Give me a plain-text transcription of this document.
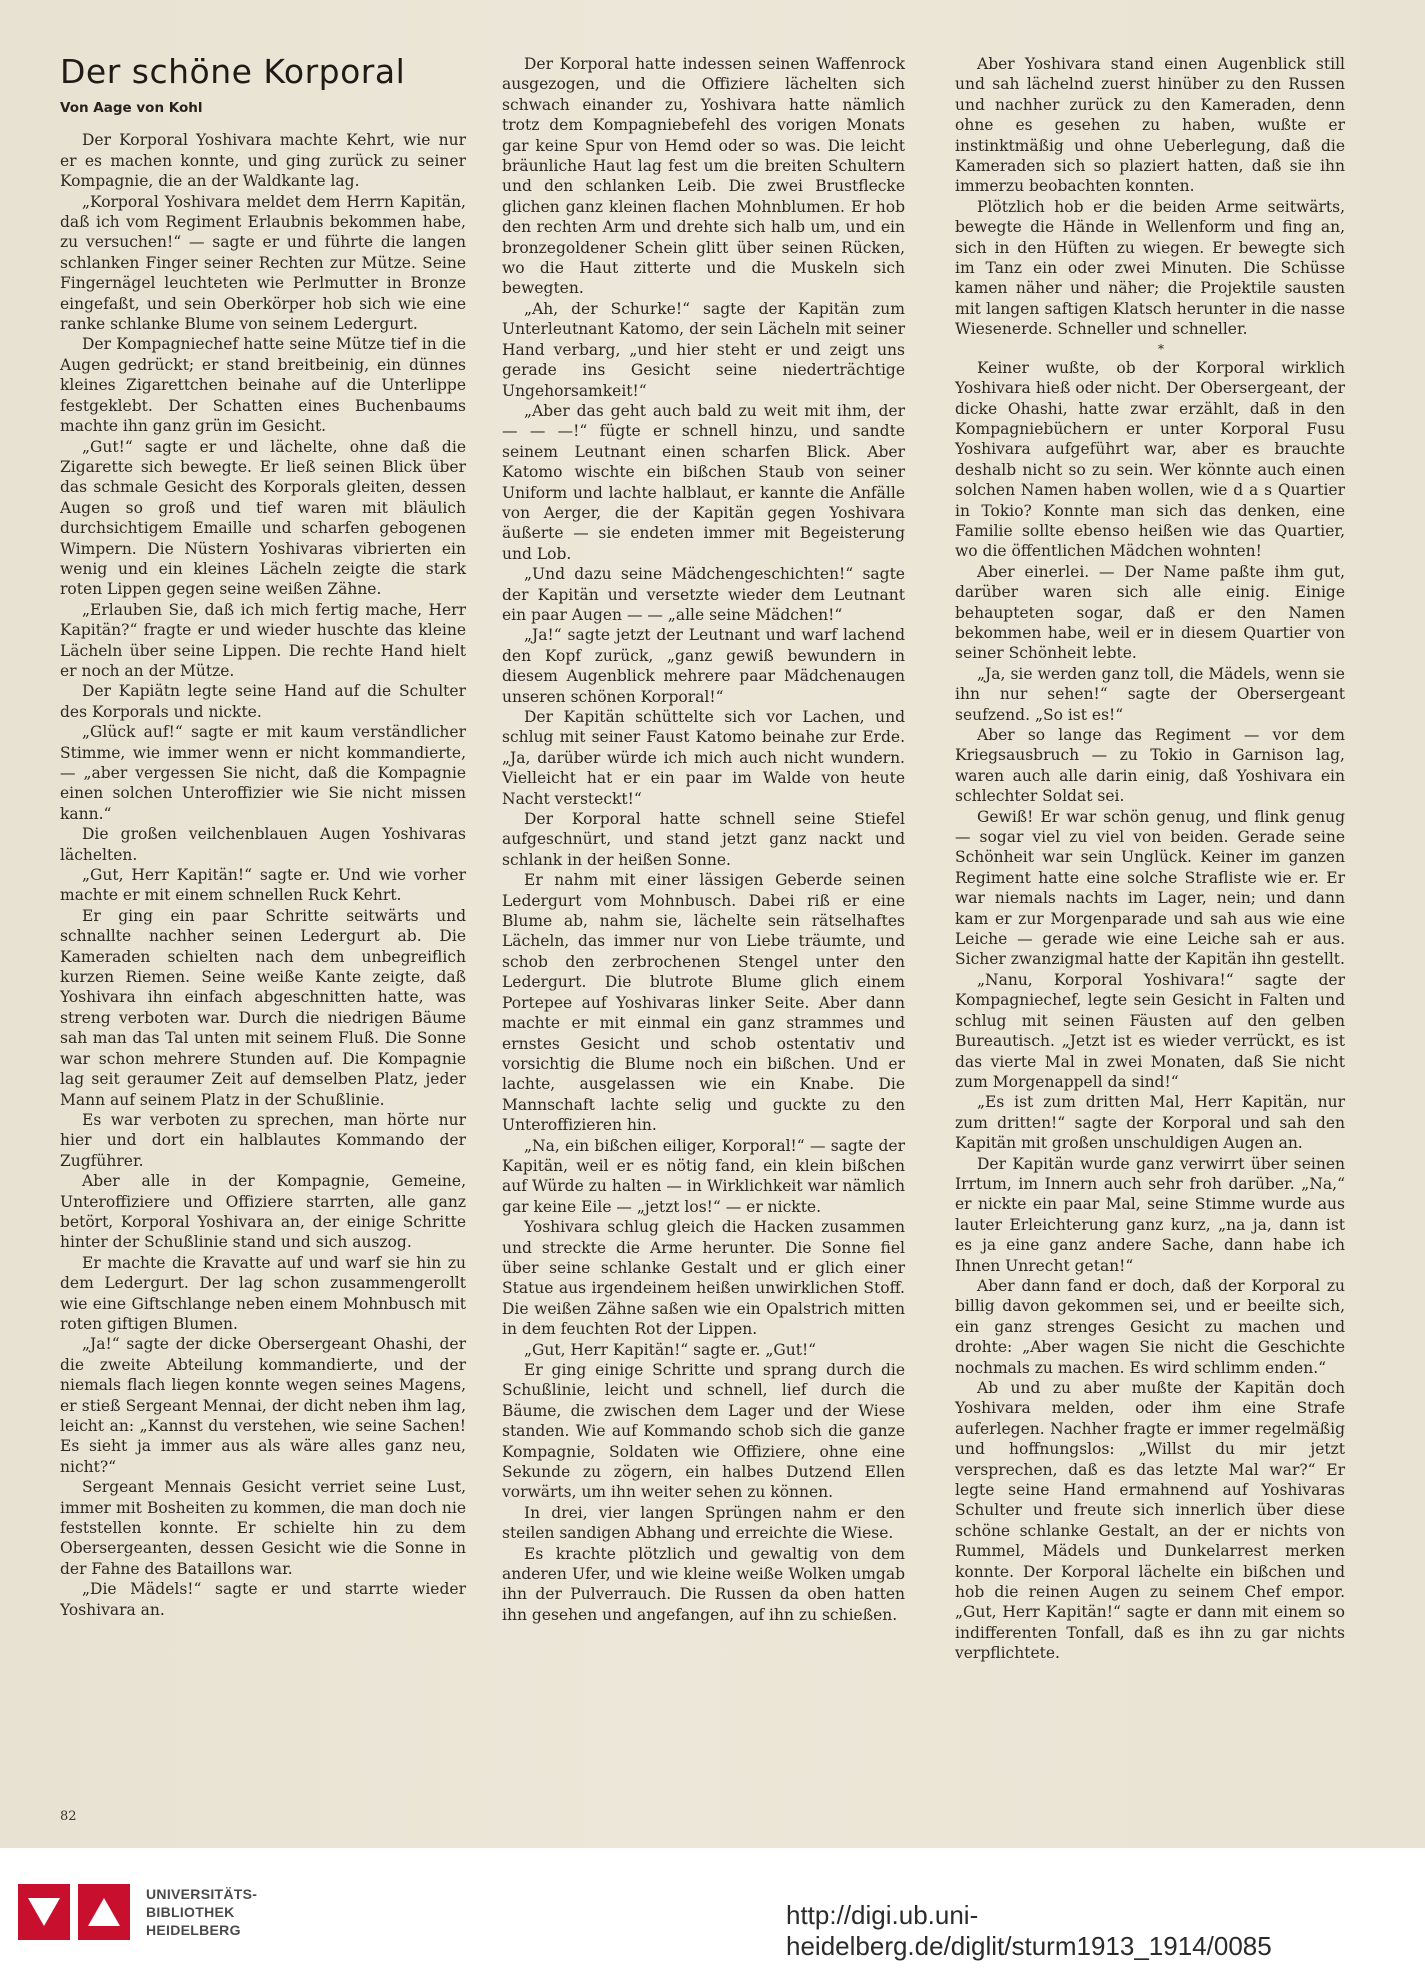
Der schöne Korporal
Von Aage von Kohl

Der Korporal Yoshivara machte Kehrt, wie nur er es machen konnte, und ging zurück zu seiner Kompagnie, die an der Waldkante lag.

„Korporal Yoshivara meldet dem Herrn Kapitän, daß ich vom Regiment Erlaubnis bekommen habe, zu versuchen!“ — sagte er und führte die langen schlanken Finger seiner Rechten zur Mütze. Seine Fingernägel leuchteten wie Perlmutter in Bronze eingefaßt, und sein Oberkörper hob sich wie eine ranke schlanke Blume von seinem Ledergurt.

Der Kompagniechef hatte seine Mütze tief in die Augen gedrückt; er stand breitbeinig, ein dünnes kleines Zigarettchen beinahe auf die Unterlippe festgeklebt. Der Schatten eines Buchenbaums machte ihn ganz grün im Gesicht.

„Gut!“ sagte er und lächelte, ohne daß die Zigarette sich bewegte. Er ließ seinen Blick über das schmale Gesicht des Korporals gleiten, dessen Augen so groß und tief waren mit bläulich durchsichtigem Emaille und scharfen gebogenen Wimpern. Die Nüstern Yoshivaras vibrierten ein wenig und ein kleines Lächeln zeigte die stark roten Lippen gegen seine weißen Zähne.

„Erlauben Sie, daß ich mich fertig mache, Herr Kapitän?“ fragte er und wieder huschte das kleine Lächeln über seine Lippen. Die rechte Hand hielt er noch an der Mütze.

Der Kapiätn legte seine Hand auf die Schulter des Korporals und nickte.

„Glück auf!“ sagte er mit kaum verständlicher Stimme, wie immer wenn er nicht kommandierte, — „aber vergessen Sie nicht, daß die Kompagnie einen solchen Unteroffizier wie Sie nicht missen kann.“

Die großen veilchenblauen Augen Yoshivaras lächelten.

„Gut, Herr Kapitän!“ sagte er. Und wie vorher machte er mit einem schnellen Ruck Kehrt.

Er ging ein paar Schritte seitwärts und schnallte nachher seinen Ledergurt ab. Die Kameraden schielten nach dem unbegreiflich kurzen Riemen. Seine weiße Kante zeigte, daß Yoshivara ihn einfach abgeschnitten hatte, was streng verboten war. Durch die niedrigen Bäume sah man das Tal unten mit seinem Fluß. Die Sonne war schon mehrere Stunden auf. Die Kompagnie lag seit geraumer Zeit auf demselben Platz, jeder Mann auf seinem Platz in der Schußlinie.

Es war verboten zu sprechen, man hörte nur hier und dort ein halblautes Kommando der Zugführer.

Aber alle in der Kompagnie, Gemeine, Unteroffiziere und Offiziere starrten, alle ganz betört, Korporal Yoshivara an, der einige Schritte hinter der Schußlinie stand und sich auszog.

Er machte die Kravatte auf und warf sie hin zu dem Ledergurt. Der lag schon zusammengerollt wie eine Giftschlange neben einem Mohnbusch mit roten giftigen Blumen.

„Ja!“ sagte der dicke Obersergeant Ohashi, der die zweite Abteilung kommandierte, und der niemals flach liegen konnte wegen seines Magens, er stieß Sergeant Mennai, der dicht neben ihm lag, leicht an: „Kannst du verstehen, wie seine Sachen! Es sieht ja immer aus als wäre alles ganz neu, nicht?“

Sergeant Mennais Gesicht verriet seine Lust, immer mit Bosheiten zu kommen, die man doch nie feststellen konnte. Er schielte hin zu dem Obersergeanten, dessen Gesicht wie die Sonne in der Fahne des Bataillons war.

„Die Mädels!“ sagte er und starrte wieder Yoshivara an.

Der Korporal hatte indessen seinen Waffenrock ausgezogen, und die Offiziere lächelten sich schwach einander zu, Yoshivara hatte nämlich trotz dem Kompagniebefehl des vorigen Monats gar keine Spur von Hemd oder so was. Die leicht bräunliche Haut lag fest um die breiten Schultern und den schlanken Leib. Die zwei Brustflecke glichen ganz kleinen flachen Mohnblumen. Er hob den rechten Arm und drehte sich halb um, und ein bronzegoldener Schein glitt über seinen Rücken, wo die Haut zitterte und die Muskeln sich bewegten.

„Ah, der Schurke!“ sagte der Kapitän zum Unterleutnant Katomo, der sein Lächeln mit seiner Hand verbarg, „und hier steht er und zeigt uns gerade ins Gesicht seine niederträchtige Ungehorsamkeit!“

„Aber das geht auch bald zu weit mit ihm, der — — —!“ fügte er schnell hinzu, und sandte seinem Leutnant einen scharfen Blick. Aber Katomo wischte ein bißchen Staub von seiner Uniform und lachte halblaut, er kannte die Anfälle von Aerger, die der Kapitän gegen Yoshivara äußerte — sie endeten immer mit Begeisterung und Lob.

„Und dazu seine Mädchengeschichten!“ sagte der Kapitän und versetzte wieder dem Leutnant ein paar Augen — — „alle seine Mädchen!“

„Ja!“ sagte jetzt der Leutnant und warf lachend den Kopf zurück, „ganz gewiß bewundern in diesem Augenblick mehrere paar Mädchenaugen unseren schönen Korporal!“

Der Kapitän schüttelte sich vor Lachen, und schlug mit seiner Faust Katomo beinahe zur Erde. „Ja, darüber würde ich mich auch nicht wundern. Vielleicht hat er ein paar im Walde von heute Nacht versteckt!“

Der Korporal hatte schnell seine Stiefel aufgeschnürt, und stand jetzt ganz nackt und schlank in der heißen Sonne.

Er nahm mit einer lässigen Geberde seinen Ledergurt vom Mohnbusch. Dabei riß er eine Blume ab, nahm sie, lächelte sein rätselhaftes Lächeln, das immer nur von Liebe träumte, und schob den zerbrochenen Stengel unter den Ledergurt. Die blutrote Blume glich einem Portepee auf Yoshivaras linker Seite. Aber dann machte er mit einmal ein ganz strammes und ernstes Gesicht und schob ostentativ und vorsichtig die Blume noch ein bißchen. Und er lachte, ausgelassen wie ein Knabe. Die Mannschaft lachte selig und guckte zu den Unteroffizieren hin.

„Na, ein bißchen eiliger, Korporal!“ — sagte der Kapitän, weil er es nötig fand, ein klein bißchen auf Würde zu halten — in Wirklichkeit war nämlich gar keine Eile — „jetzt los!“ — er nickte.

Yoshivara schlug gleich die Hacken zusammen und streckte die Arme herunter. Die Sonne fiel über seine schlanke Gestalt und er glich einer Statue aus irgendeinem heißen unwirklichen Stoff. Die weißen Zähne saßen wie ein Opalstrich mitten in dem feuchten Rot der Lippen.

„Gut, Herr Kapitän!“ sagte er. „Gut!“

Er ging einige Schritte und sprang durch die Schußlinie, leicht und schnell, lief durch die Bäume, die zwischen dem Lager und der Wiese standen. Wie auf Kommando schob sich die ganze Kompagnie, Soldaten wie Offiziere, ohne eine Sekunde zu zögern, ein halbes Dutzend Ellen vorwärts, um ihn weiter sehen zu können.

In drei, vier langen Sprüngen nahm er den steilen sandigen Abhang und erreichte die Wiese.

Es krachte plötzlich und gewaltig von dem anderen Ufer, und wie kleine weiße Wolken umgab ihn der Pulverrauch. Die Russen da oben hatten ihn gesehen und angefangen, auf ihn zu schießen.

Aber Yoshivara stand einen Augenblick still und sah lächelnd zuerst hinüber zu den Russen und nachher zurück zu den Kameraden, denn ohne es gesehen zu haben, wußte er instinktmäßig und ohne Ueberlegung, daß die Kameraden sich so plaziert hatten, daß sie ihn immerzu beobachten konnten.

Plötzlich hob er die beiden Arme seitwärts, bewegte die Hände in Wellenform und fing an, sich in den Hüften zu wiegen. Er bewegte sich im Tanz ein oder zwei Minuten. Die Schüsse kamen näher und näher; die Projektile sausten mit langen saftigen Klatsch herunter in die nasse Wiesenerde. Schneller und schneller.

*

Keiner wußte, ob der Korporal wirklich Yoshivara hieß oder nicht. Der Obersergeant, der dicke Ohashi, hatte zwar erzählt, daß in den Kompagniebüchern er unter Korporal Fusu Yoshivara aufgeführt war, aber es brauchte deshalb nicht so zu sein. Wer könnte auch einen solchen Namen haben wollen, wie d a s Quartier in Tokio? Konnte man sich das denken, eine Familie sollte ebenso heißen wie das Quartier, wo die öffentlichen Mädchen wohnten!

Aber einerlei. — Der Name paßte ihm gut, darüber waren sich alle einig. Einige behaupteten sogar, daß er den Namen bekommen habe, weil er in diesem Quartier von seiner Schönheit lebte.

„Ja, sie werden ganz toll, die Mädels, wenn sie ihn nur sehen!“ sagte der Obersergeant seufzend. „So ist es!“

Aber so lange das Regiment — vor dem Kriegsausbruch — zu Tokio in Garnison lag, waren auch alle darin einig, daß Yoshivara ein schlechter Soldat sei.

Gewiß! Er war schön genug, und flink genug — sogar viel zu viel von beiden. Gerade seine Schönheit war sein Unglück. Keiner im ganzen Regiment hatte eine solche Strafliste wie er. Er war niemals nachts im Lager, nein; und dann kam er zur Morgenparade und sah aus wie eine Leiche — gerade wie eine Leiche sah er aus. Sicher zwanzigmal hatte der Kapitän ihn gestellt.

„Nanu, Korporal Yoshivara!“ sagte der Kompagniechef, legte sein Gesicht in Falten und schlug mit seinen Fäusten auf den gelben Bureautisch. „Jetzt ist es wieder verrückt, es ist das vierte Mal in zwei Monaten, daß Sie nicht zum Morgenappell da sind!“

„Es ist zum dritten Mal, Herr Kapitän, nur zum dritten!“ sagte der Korporal und sah den Kapitän mit großen unschuldigen Augen an.

Der Kapitän wurde ganz verwirrt über seinen Irrtum, im Innern auch sehr froh darüber. „Na,“ er nickte ein paar Mal, seine Stimme wurde aus lauter Erleichterung ganz kurz, „na ja, dann ist es ja eine ganz andere Sache, dann habe ich Ihnen Unrecht getan!“

Aber dann fand er doch, daß der Korporal zu billig davon gekommen sei, und er beeilte sich, ein ganz strenges Gesicht zu machen und drohte: „Aber wagen Sie nicht die Geschichte nochmals zu machen. Es wird schlimm enden.“

Ab und zu aber mußte der Kapitän doch Yoshivara melden, oder ihm eine Strafe auferlegen. Nachher fragte er immer regelmäßig und hoffnungslos: „Willst du mir jetzt versprechen, daß es das letzte Mal war?“ Er legte seine Hand ermahnend auf Yoshivaras Schulter und freute sich innerlich über diese schöne schlanke Gestalt, an der er nichts von Rummel, Mädels und Dunkelarrest merken konnte. Der Korporal lächelte ein bißchen und hob die reinen Augen zu seinem Chef empor. „Gut, Herr Kapitän!“ sagte er dann mit einem so indifferenten Tonfall, daß es ihn zu gar nichts verpflichtete.

82
UNIVERSITÄTS-
BIBLIOTHEK
HEIDELBERG	http://digi.ub.uni-heidelberg.de/diglit/sturm1913_1914/0085
